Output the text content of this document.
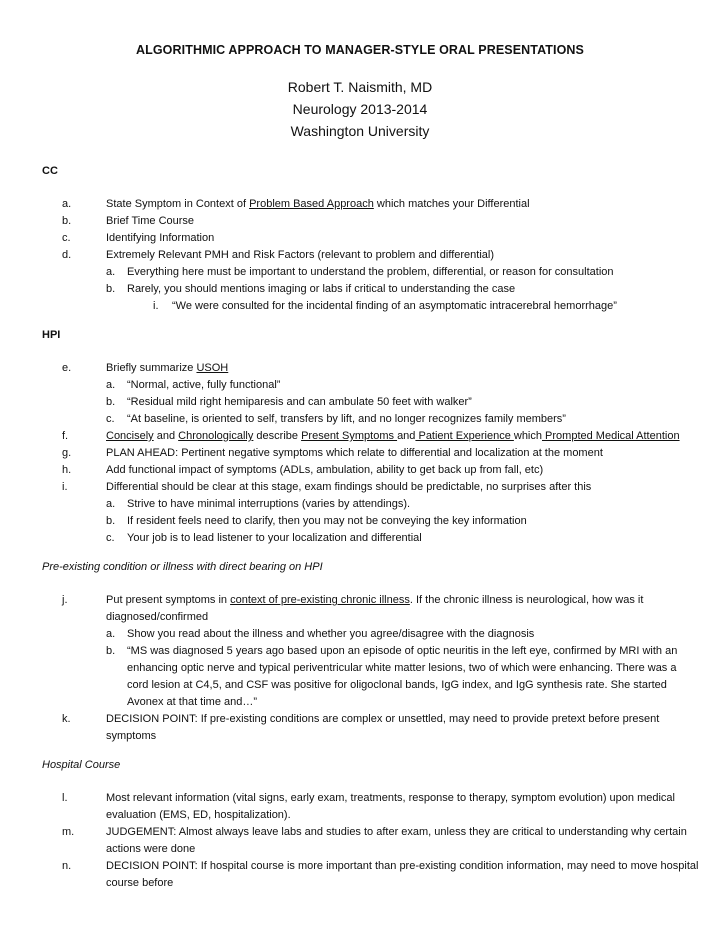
ALGORITHMIC APPROACH TO MANAGER-STYLE ORAL PRESENTATIONS
Robert T. Naismith, MD
Neurology 2013-2014
Washington University
CC
a.	State Symptom in Context of Problem Based Approach which matches your Differential
b.	Brief Time Course
c.	Identifying Information
d.	Extremely Relevant PMH and Risk Factors (relevant to problem and differential)
a. Everything here must be important to understand the problem, differential, or reason for consultation
b. Rarely, you should mentions imaging or labs if critical to understanding the case
i. “We were consulted for the incidental finding of an asymptomatic intracerebral hemorrhage”
HPI
e.	Briefly summarize USOH
a. “Normal, active, fully functional”
b. “Residual mild right hemiparesis and can ambulate 50 feet with walker”
c. “At baseline, is oriented to self, transfers by lift, and no longer recognizes family members”
f.	Concisely and Chronologically describe Present Symptoms and Patient Experience which Prompted Medical Attention
g.	PLAN AHEAD: Pertinent negative symptoms which relate to differential and localization at the moment
h.	Add functional impact of symptoms (ADLs, ambulation, ability to get back up from fall, etc)
i.	Differential should be clear at this stage, exam findings should be predictable, no surprises after this
a. Strive to have minimal interruptions (varies by attendings).
b. If resident feels need to clarify, then you may not be conveying the key information
c. Your job is to lead listener to your localization and differential
Pre-existing condition or illness with direct bearing on HPI
j.	Put present symptoms in context of pre-existing chronic illness. If the chronic illness is neurological, how was it diagnosed/confirmed
a. Show you read about the illness and whether you agree/disagree with the diagnosis
b. “MS was diagnosed 5 years ago based upon an episode of optic neuritis in the left eye, confirmed by MRI with an enhancing optic nerve and typical periventricular white matter lesions, two of which were enhancing. There was a cord lesion at C4,5, and CSF was positive for oligoclonal bands, IgG index, and IgG synthesis rate. She started Avonex at that time and…”
k.	DECISION POINT: If pre-existing conditions are complex or unsettled, may need to provide pretext before present symptoms
Hospital Course
l.	Most relevant information (vital signs, early exam, treatments, response to therapy, symptom evolution) upon medical evaluation (EMS, ED, hospitalization).
m.	JUDGEMENT: Almost always leave labs and studies to after exam, unless they are critical to understanding why certain actions were done
n.	DECISION POINT: If hospital course is more important than pre-existing condition information, may need to move hospital course before
